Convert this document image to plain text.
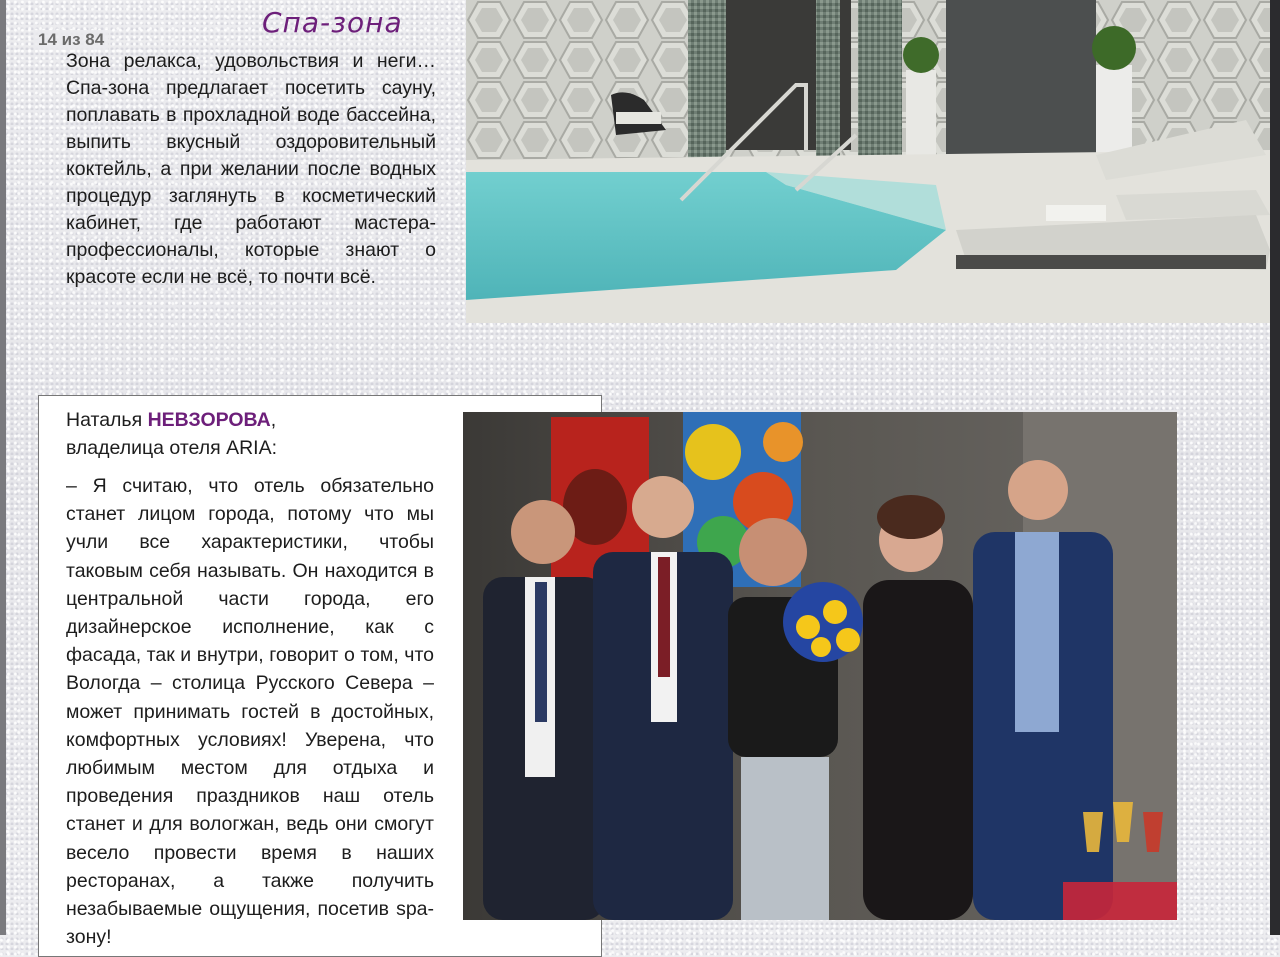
Спа-зона
14 из 84

Зона релакса, удовольствия и неги… Спа-зона предлагает посетить сауну, поплавать в прохладной воде бассейна, выпить вкусный оздоровительный коктейль, а при желании после водных процедур заглянуть в косметический кабинет, где работают мастера-профессионалы, которые знают о красоте если не всё, то почти всё.

Наталья НЕВЗОРОВА,
владелица отеля ARIA:

– Я считаю, что отель обязательно станет лицом города, потому что мы учли все характеристики, чтобы таковым себя называть. Он находится в центральной части города, его дизайнерское исполнение, как с фасада, так и внутри, говорит о том, что Вологда – столица Русского Севера – может принимать гостей в достойных, комфортных условиях! Уверена, что любимым местом для отдыха и проведения праздников наш отель станет и для вологжан, ведь они смогут весело провести время в наших ресторанах, а также получить незабываемые ощущения, посетив spa-зону!
